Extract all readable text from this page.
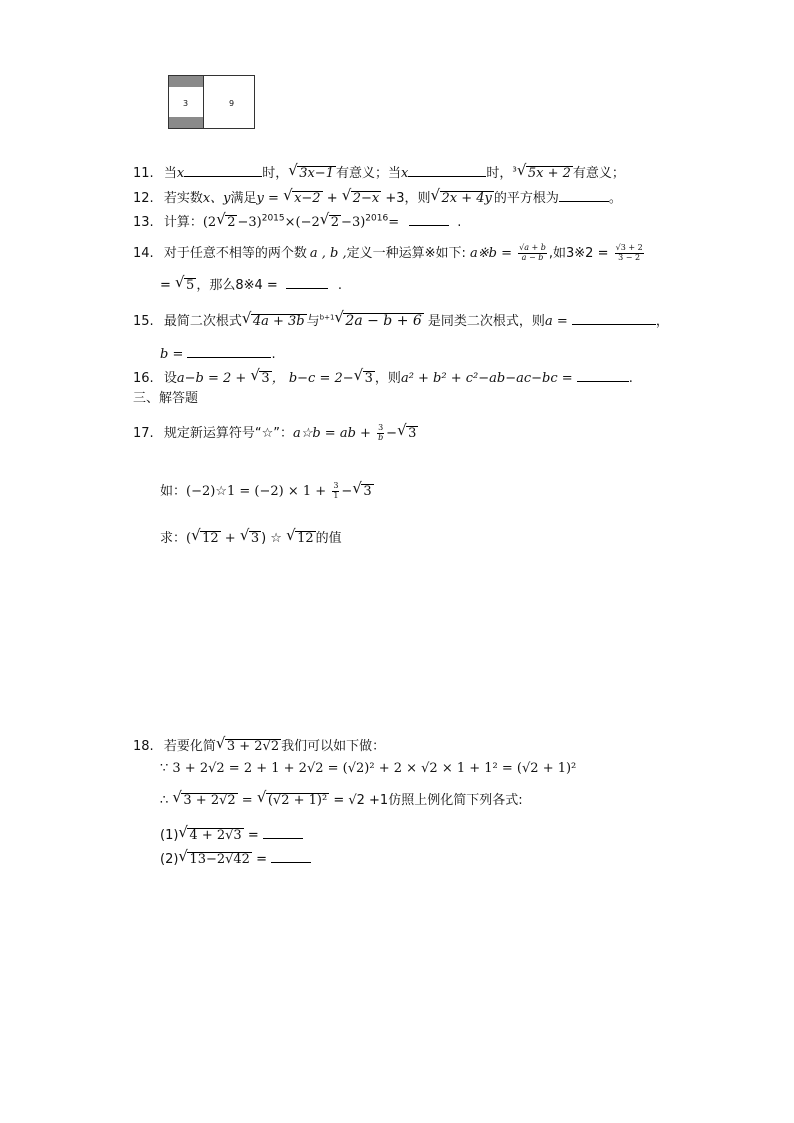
3	9
11. 当x	时， √ 3x−1 有意义；当x	时，$^3$ √ 5x + 2 有意义；
12. 若实数x、y满足y = √ x−2 + √ 2−x +3，则 √ 2x + 4y 的平方根为	。
13. 计算：(2 √ 2 −3)$^{2015}$×(−2 √ 2 −3)$^{2016}$=	.
14. 对于任意不相等的两个数 a , b ,定义一种运算※如下: a※b = $\frac{√a + b}{a - b}$ ,如3※2 = $\frac{√3 + 2}{3 - 2}$
= √ 5 ，那么8※4 =	.
15. 最简二次根式 √ 4a + 3b 与$^{b+1}$ √ 2a − b + 6 是同类二次根式，则a =	，
b =	.
16. 设a−b = 2 + √ 3 ， b−c = 2− √ 3 ，则a² + b² + c²−ab−ac−bc =	.
三、解答题
17. 规定新运算符号“☆”：a☆b = ab + $\frac{3}{b}$ − √ 3
如：(−2)☆1 = $(-2) \times 1 + \frac{3}{1}$ − √ 3
求：( √ 12 + √ 3 ) ☆ √ 12 的值
18. 若要化简 √ 3 + 2√2 我们可以如下做：
∵ 3 + 2√2 = 2 + 1 + 2√2 = (√2)² + 2 × √2 × 1 + 1² = (√2 + 1)²
∴ √ 3 + 2√2 = √ (√2 + 1)² = √2 +1仿照上例化简下列各式:
(1) √ 4 + 2√3 =
(2) √ 13−2√42 =
